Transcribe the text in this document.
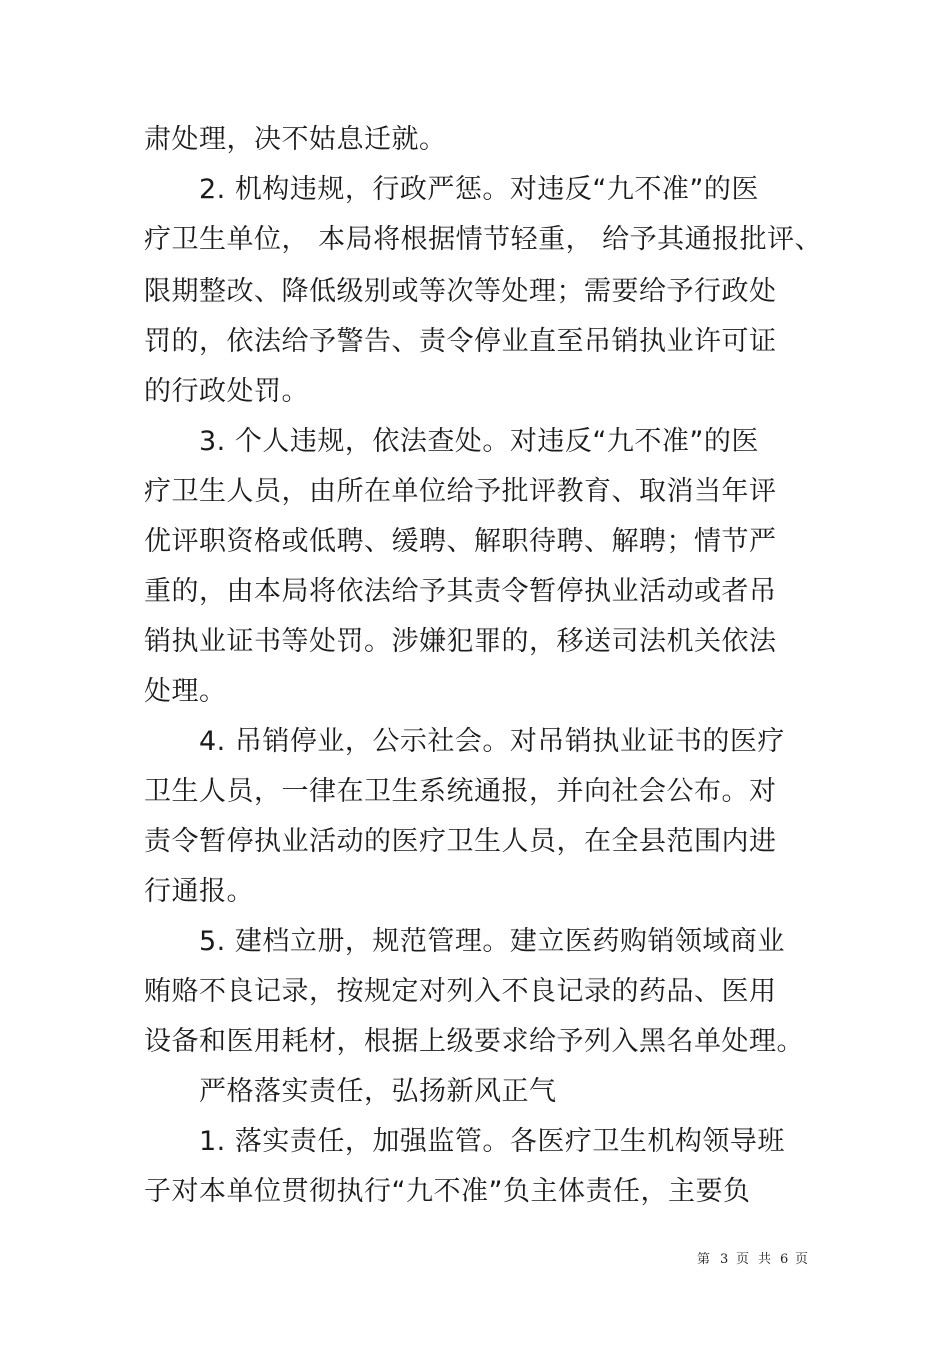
肃处理，决不姑息迁就。
2. 机构违规，行政严惩。对违反“九不准”的医
疗卫生单位， 本局将根据情节轻重， 给予其通报批评、
限期整改、降低级别或等次等处理；需要给予行政处
罚的，依法给予警告、责令停业直至吊销执业许可证
的行政处罚。
3. 个人违规，依法查处。对违反“九不准”的医
疗卫生人员，由所在单位给予批评教育、取消当年评
优评职资格或低聘、缓聘、解职待聘、解聘；情节严
重的，由本局将依法给予其责令暂停执业活动或者吊
销执业证书等处罚。涉嫌犯罪的，移送司法机关依法
处理。
4. 吊销停业，公示社会。对吊销执业证书的医疗
卫生人员，一律在卫生系统通报，并向社会公布。对
责令暂停执业活动的医疗卫生人员，在全县范围内进
行通报。
5. 建档立册，规范管理。建立医药购销领域商业
贿赂不良记录，按规定对列入不良记录的药品、医用
设备和医用耗材，根据上级要求给予列入黑名单处理。
严格落实责任，弘扬新风正气
1. 落实责任，加强监管。各医疗卫生机构领导班
子对本单位贯彻执行“九不准”负主体责任，主要负
第 3 页 共 6 页
